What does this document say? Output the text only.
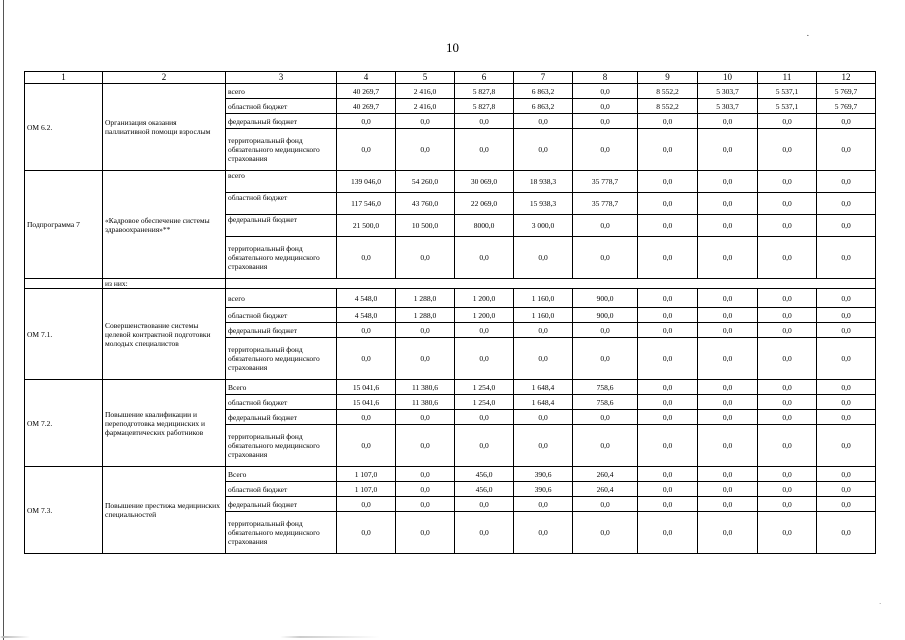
.
10
1	2	3	4	5	6	7	8	9	10	11	12
ОМ 6.2.	Организация оказания паллиативной помощи взрослым	всего	40 269,7	2 416,0	5 827,8	6 863,2	0,0	8 552,2	5 303,7	5 537,1	5 769,7
		областной бюджет	40 269,7	2 416,0	5 827,8	6 863,2	0,0	8 552,2	5 303,7	5 537,1	5 769,7
		федеральный бюджет	0,0	0,0	0,0	0,0	0,0	0,0	0,0	0,0	0,0
		территориальный фонд обязательного медицинского страхования	0,0	0,0	0,0	0,0	0,0	0,0	0,0	0,0	0,0
Подпрограмма 7	«Кадровое обеспечение системы здравоохранения»**	всего	139 046,0	54 260,0	30 069,0	18 938,3	35 778,7	0,0	0,0	0,0	0,0
		областной бюджет	117 546,0	43 760,0	22 069,0	15 938,3	35 778,7	0,0	0,0	0,0	0,0
		федеральный бюджет	21 500,0	10 500,0	8000,0	3 000,0	0,0	0,0	0,0	0,0	0,0
		территориальный фонд обязательного медицинского страхования	0,0	0,0	0,0	0,0	0,0	0,0	0,0	0,0	0,0
	из них:										
ОМ 7.1.	Совершенствование системы целевой контрактной подготовки молодых специалистов	всего	4 548,0	1 288,0	1 200,0	1 160,0	900,0	0,0	0,0	0,0	0,0
		областной бюджет	4 548,0	1 288,0	1 200,0	1 160,0	900,0	0,0	0,0	0,0	0,0
		федеральный бюджет	0,0	0,0	0,0	0,0	0,0	0,0	0,0	0,0	0,0
		территориальный фонд обязательного медицинского страхования	0,0	0,0	0,0	0,0	0,0	0,0	0,0	0,0	0,0
ОМ 7.2.	Повышение квалификации и переподготовка медицинских и фармацевтических работников	Всего	15 041,6	11 380,6	1 254,0	1 648,4	758,6	0,0	0,0	0,0	0,0
		областной бюджет	15 041,6	11 380,6	1 254,0	1 648,4	758,6	0,0	0,0	0,0	0,0
		федеральный бюджет	0,0	0,0	0,0	0,0	0,0	0,0	0,0	0,0	0,0
		территориальный фонд обязательного медицинского страхования	0,0	0,0	0,0	0,0	0,0	0,0	0,0	0,0	0,0
ОМ 7.3.	Повышение престижа медицинских специальностей	Всего	1 107,0	0,0	456,0	390,6	260,4	0,0	0,0	0,0	0,0
		областной бюджет	1 107,0	0,0	456,0	390,6	260,4	0,0	0,0	0,0	0,0
		федеральный бюджет	0,0	0,0	0,0	0,0	0,0	0,0	0,0	0,0	0,0
		территориальный фонд обязательного медицинского страхования	0,0	0,0	0,0	0,0	0,0	0,0	0,0	0,0	0,0
.
